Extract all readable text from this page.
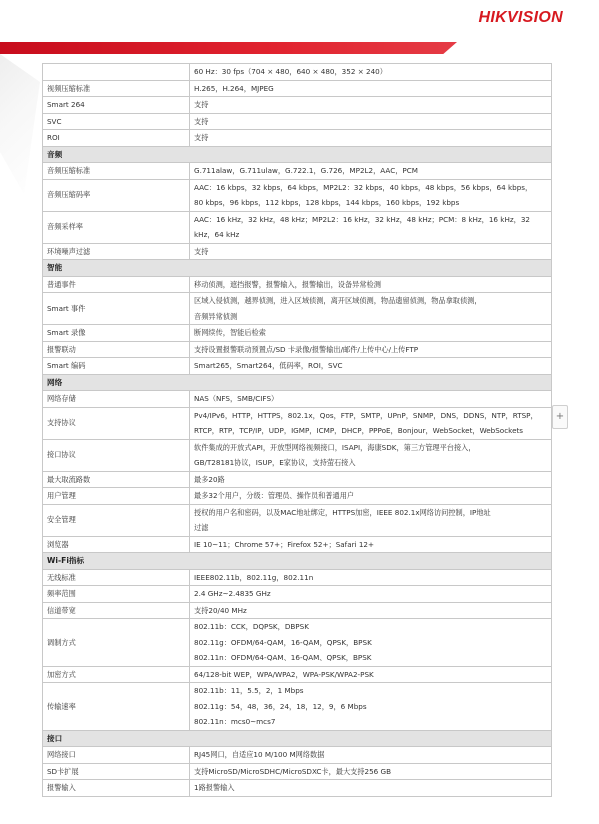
HIKVISION

	60 Hz：30 fps（704 × 480，640 × 480，352 × 240）

视频压缩标准	H.265，H.264，MJPEG

Smart 264	支持

SVC	支持

ROI	支持

音频	
音频压缩标准	G.711alaw，G.711ulaw，G.722.1，G.726，MP2L2，AAC，PCM

音频压缩码率	AAC：16 kbps，32 kbps，64 kbps，MP2L2：32 kbps，40 kbps，48 kbps，56 kbps，64 kbps，
80 kbps，96 kbps，112 kbps，128 kbps，144 kbps，160 kbps，192 kbps

音频采样率	AAC：16 kHz，32 kHz，48 kHz；MP2L2：16 kHz，32 kHz，48 kHz；PCM：8 kHz，16 kHz，32
kHz，64 kHz

环境噪声过滤	支持

智能	
普通事件	移动侦测，遮挡报警，报警输入，报警输出，设备异常检测

Smart 事件	区域入侵侦测，越界侦测，进入区域侦测，离开区域侦测，物品遗留侦测，物品拿取侦测，
音频异常侦测

Smart 录像	断网续传，智能后检索

报警联动	支持设置报警联动预置点/SD 卡录像/报警输出/邮件/上传中心/上传FTP

Smart 编码	Smart265，Smart264，低码率，ROI，SVC

网络	
网络存储	NAS（NFS，SMB/CIFS）

支持协议	Pv4/IPv6，HTTP，HTTPS，802.1x，Qos，FTP，SMTP，UPnP，SNMP，DNS，DDNS，NTP，RTSP，
RTCP，RTP，TCP/IP，UDP，IGMP，ICMP，DHCP，PPPoE，Bonjour，WebSocket，WebSockets

接口协议	软件集成的开放式API，开放型网络视频接口，ISAPI，海康SDK，第三方管理平台接入，
GB/T28181协议，ISUP，E家协议，支持萤石接入

最大取流路数	最多20路

用户管理	最多32个用户，分级：管理员、操作员和普通用户

安全管理	授权的用户名和密码，以及MAC地址绑定，HTTPS加密，IEEE 802.1x网络访问控制，IP地址
过滤

浏览器	IE 10~11；Chrome 57+；Firefox 52+；Safari 12+

Wi-Fi指标	
无线标准	IEEE802.11b，802.11g，802.11n

频率范围	2.4 GHz~2.4835 GHz

信道带宽	支持20/40 MHz

调制方式	802.11b：CCK，DQPSK，DBPSK
802.11g：OFDM/64-QAM，16-QAM，QPSK，BPSK
802.11n：OFDM/64-QAM、16-QAM、QPSK，BPSK

加密方式	64/128-bit WEP，WPA/WPA2，WPA-PSK/WPA2-PSK

传输速率	802.11b：11，5.5，2，1 Mbps
802.11g：54，48，36，24，18，12，9，6 Mbps
802.11n：mcs0~mcs7

接口	
网络接口	RJ45网口，自适应10 M/100 M网络数据

SD卡扩展	支持MicroSD/MicroSDHC/MicroSDXC卡，最大支持256 GB

报警输入	1路报警输入
+
